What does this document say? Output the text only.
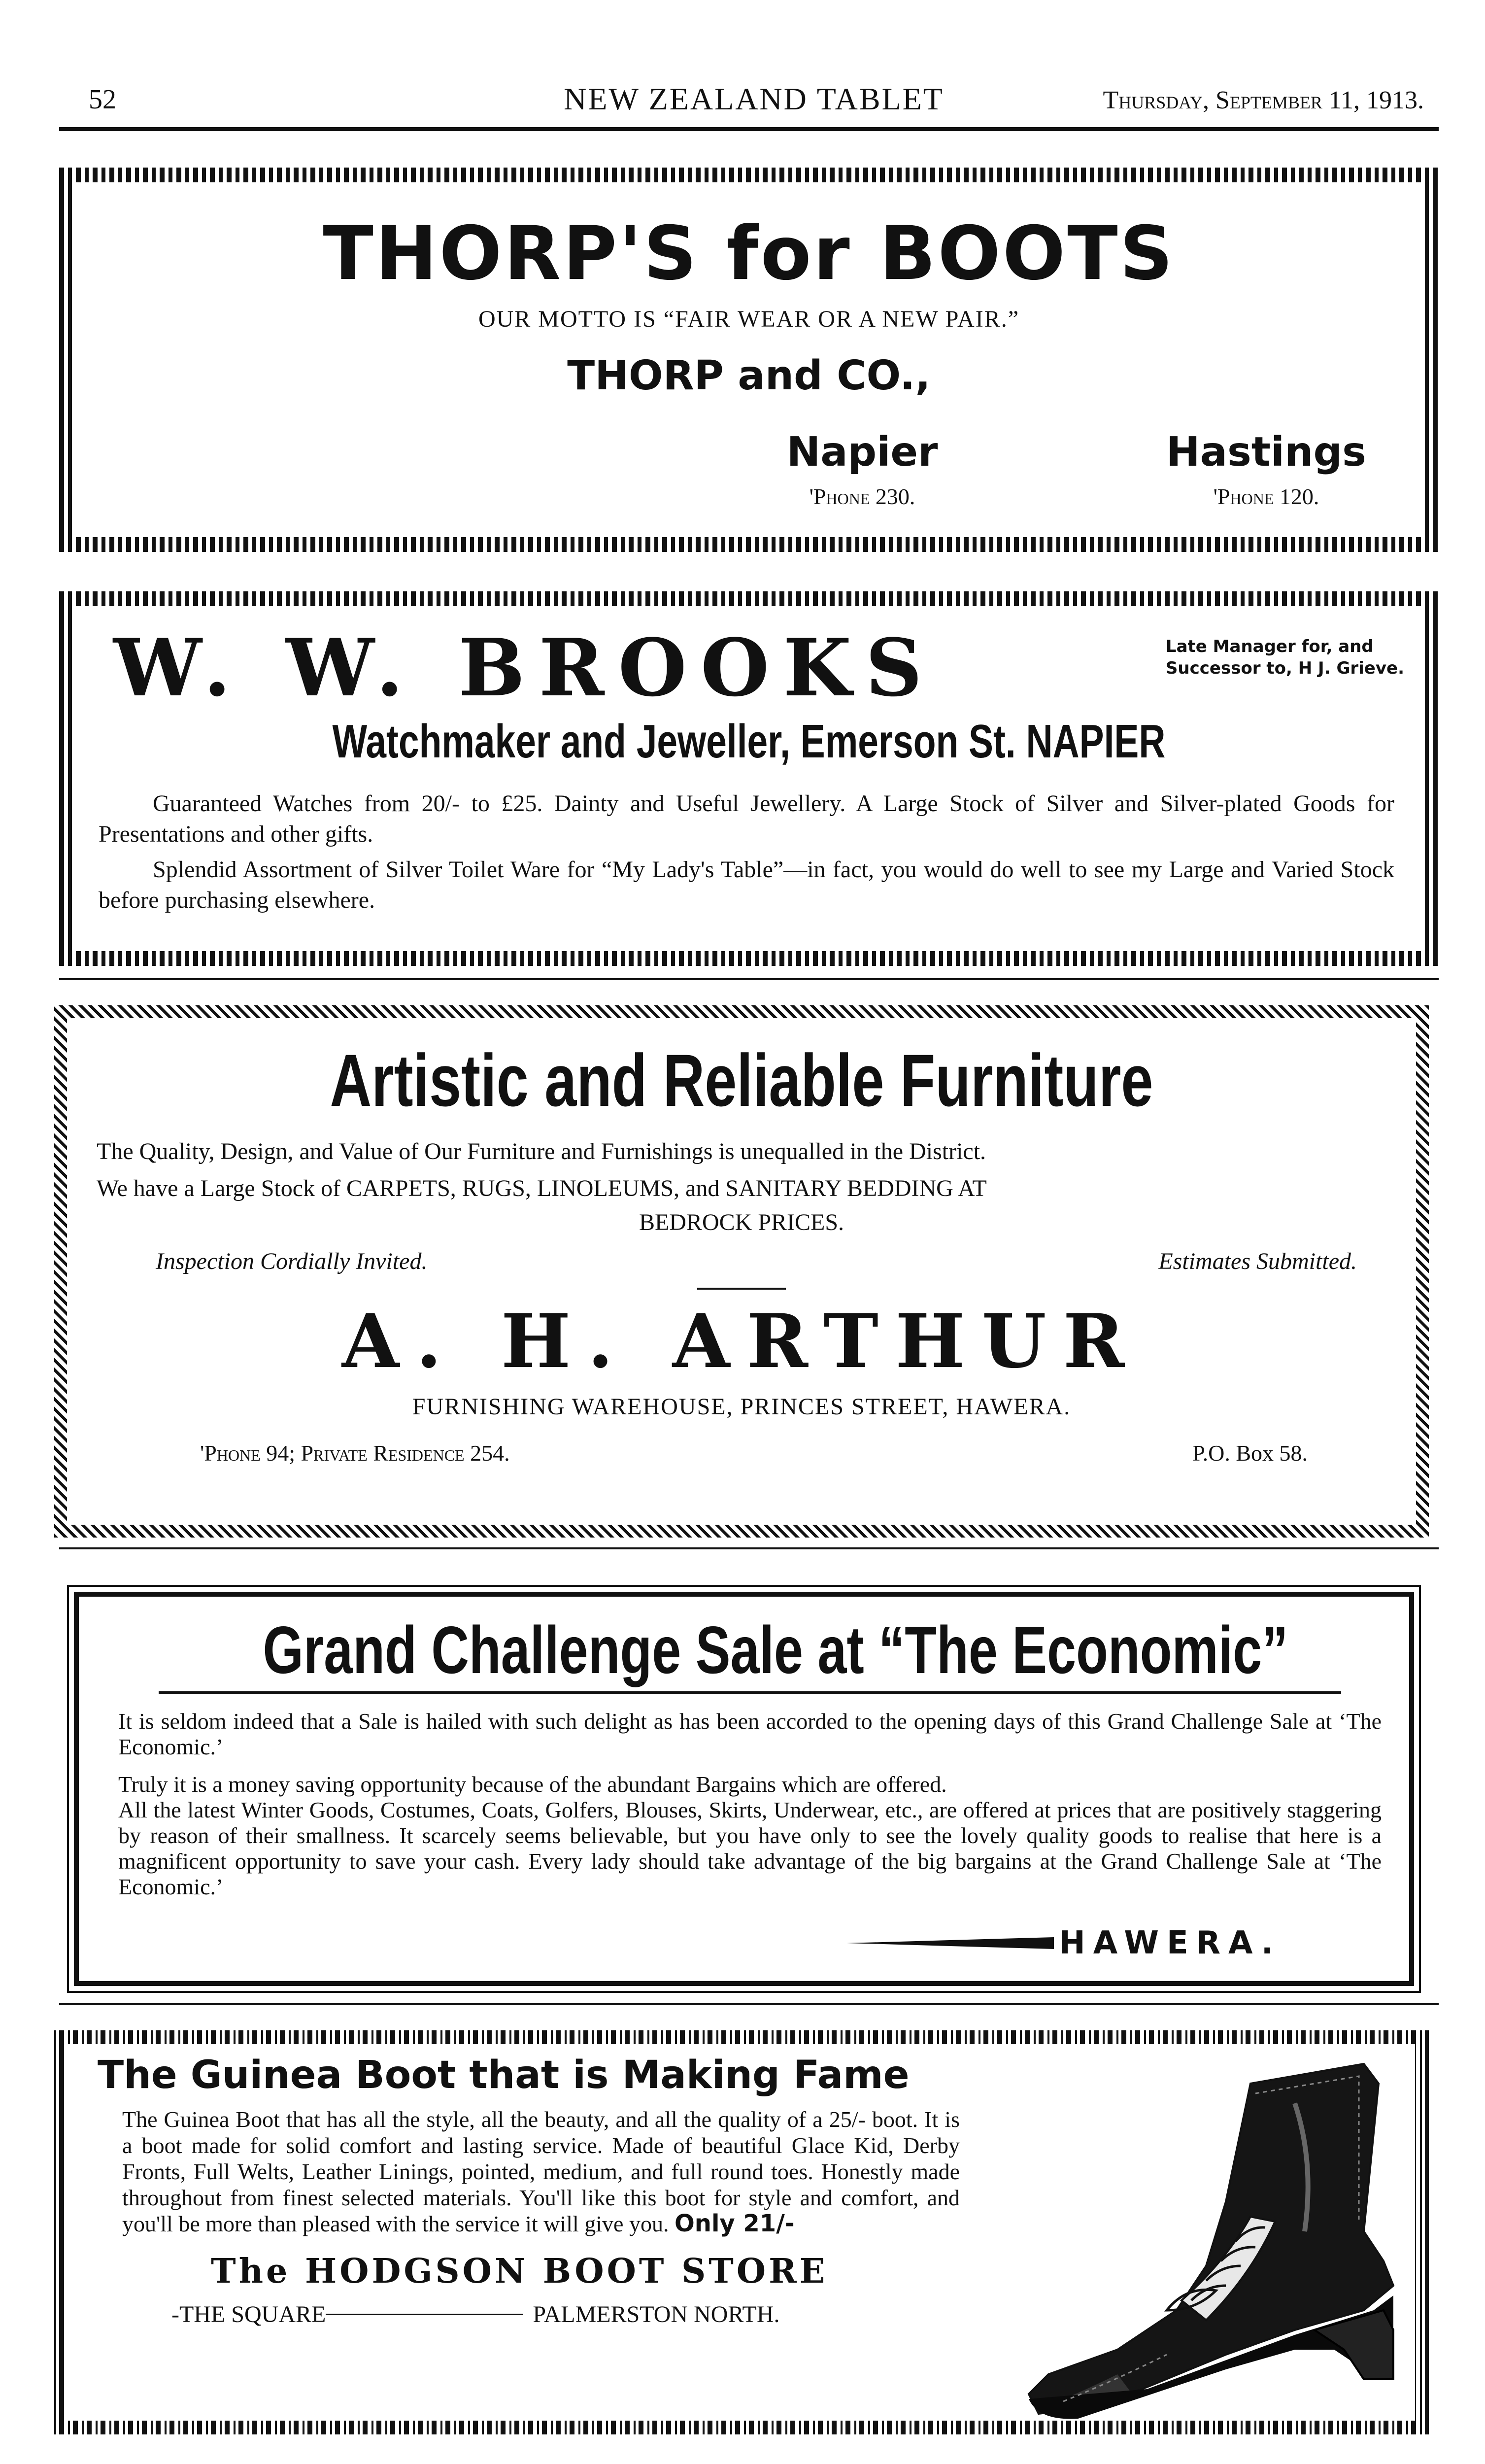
52	NEW ZEALAND TABLET	Thursday, September 11, 1913.
THORP'S for BOOTS
OUR MOTTO IS “FAIR WEAR OR A NEW PAIR.”
THORP and CO.,
Napier
'Phone 230.
Hastings
'Phone 120.
W. W. BROOKS	Late Manager for, and
Successor to, H J. Grieve.
Watchmaker and Jeweller, Emerson St. NAPIER
Guaranteed Watches from 20/- to £25. Dainty and Useful Jewellery. A Large Stock of Silver and Silver-plated Goods for Presentations and other gifts.
Splendid Assortment of Silver Toilet Ware for “My Lady's Table”—in fact, you would do well to see my Large and Varied Stock before purchasing elsewhere.
Artistic and Reliable Furniture
The Quality, Design, and Value of Our Furniture and Furnishings is unequalled in the District.
We have a Large Stock of CARPETS, RUGS, LINOLEUMS, and SANITARY BEDDING AT
BEDROCK PRICES.
Inspection Cordially Invited.	Estimates Submitted.
A. H. ARTHUR
FURNISHING WAREHOUSE, PRINCES STREET, HAWERA.
'Phone 94; Private Residence 254.	P.O. Box 58.
Grand Challenge Sale at “The Economic”
It is seldom indeed that a Sale is hailed with such delight as has been accorded to the opening days of this Grand Challenge Sale at ‘The Economic.’
Truly it is a money saving opportunity because of the abundant Bargains which are offered.
All the latest Winter Goods, Costumes, Coats, Golfers, Blouses, Skirts, Underwear, etc., are offered at prices that are positively staggering by reason of their smallness. It scarcely seems believable, but you have only to see the lovely quality goods to realise that here is a magnificent opportunity to save your cash. Every lady should take advantage of the big bargains at the Grand Challenge Sale at ‘The Economic.’
HAWERA.
The Guinea Boot that is Making Fame
The Guinea Boot that has all the style, all the beauty, and all the quality of a 25/- boot. It is a boot made for solid comfort and lasting service. Made of beautiful Glace Kid, Derby Fronts, Full Welts, Leather Linings, pointed, medium, and full round toes. Honestly made throughout from finest selected materials. You'll like this boot for style and comfort, and you'll be more than pleased with the service it will give you. Only 21/-
The HODGSON BOOT STORE
-THE SQUARE	PALMERSTON NORTH.
